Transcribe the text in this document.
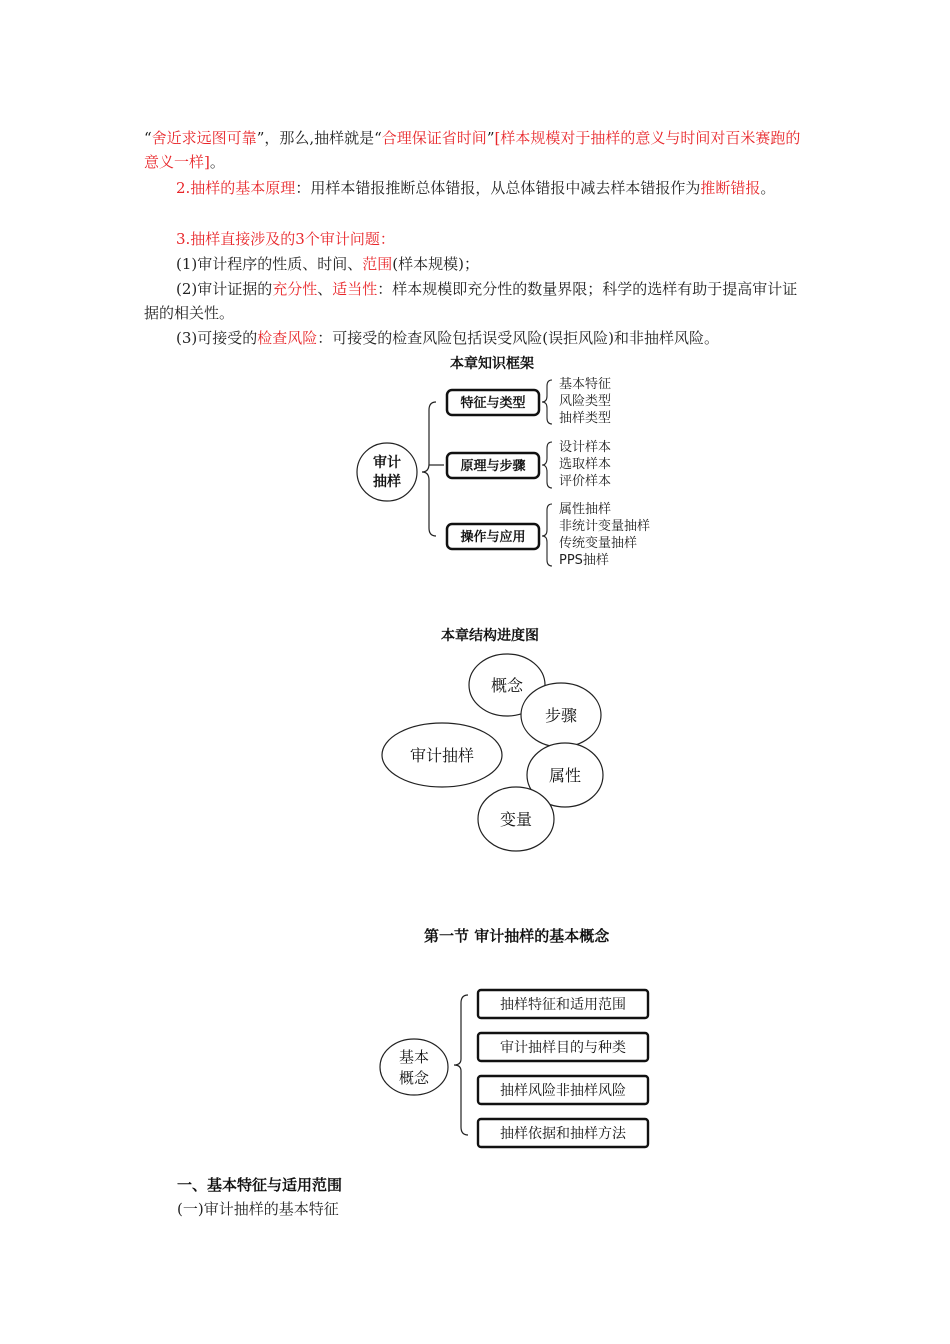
“舍近求远图可靠”，那么,抽样就是“合理保证省时间”[样本规模对于抽样的意义与时间对百米赛跑的意义一样]。

2.抽样的基本原理：用样本错报推断总体错报，从总体错报中减去样本错报作为推断错报。

3.抽样直接涉及的3个审计问题：

(1)审计程序的性质、时间、范围(样本规模)；

(2)审计证据的充分性、适当性：样本规模即充分性的数量界限；科学的选样有助于提高审计证据的相关性。

(3)可接受的检查风险：可接受的检查风险包括误受风险(误拒风险)和非抽样风险。

本章知识框架
审计
抽样
特征与类型
原理与步骤
操作与应用
基本特征
风险类型
抽样类型
设计样本
选取样本
评价样本
属性抽样
非统计变量抽样
传统变量抽样
PPS抽样
本章结构进度图
审计抽样
概念
步骤
属性
变量
第一节 审计抽样的基本概念
基本
概念
抽样特征和适用范围
审计抽样目的与种类
抽样风险非抽样风险
抽样依据和抽样方法
一、基本特征与适用范围
(一)审计抽样的基本特征
